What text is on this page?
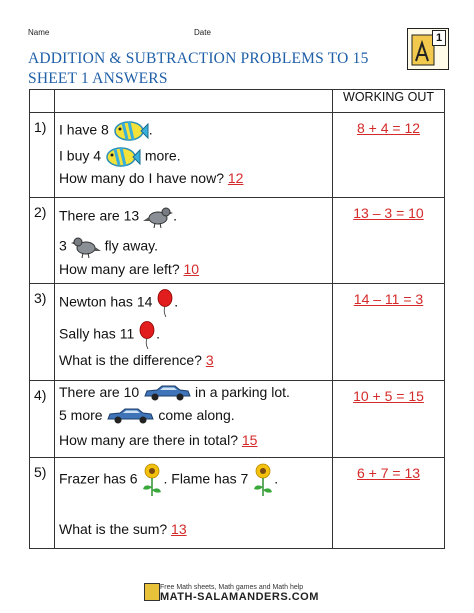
Name	Date
ADDITION & SUBTRACTION PROBLEMS TO 15
SHEET 1 ANSWERS
1
		WORKING OUT
1)	I have 8 .
I buy 4 more.
How many do I have now? 12	8 + 4 = 12
2)	There are 13 .
3 fly away.
How many are left? 10	13 – 3 = 10
3)	Newton has 14 .
Sally has 11 .
What is the difference? 3	14 – 11 = 3
4)	There are 10 in a parking lot.
5 more come along.
How many are there in total? 15	10 + 5 = 15
5)	Frazer has 6 . Flame has 7 .
What is the sum? 13	6 + 7 = 13
Free Math sheets, Math games and Math help
MATH-SALAMANDERS.COM
